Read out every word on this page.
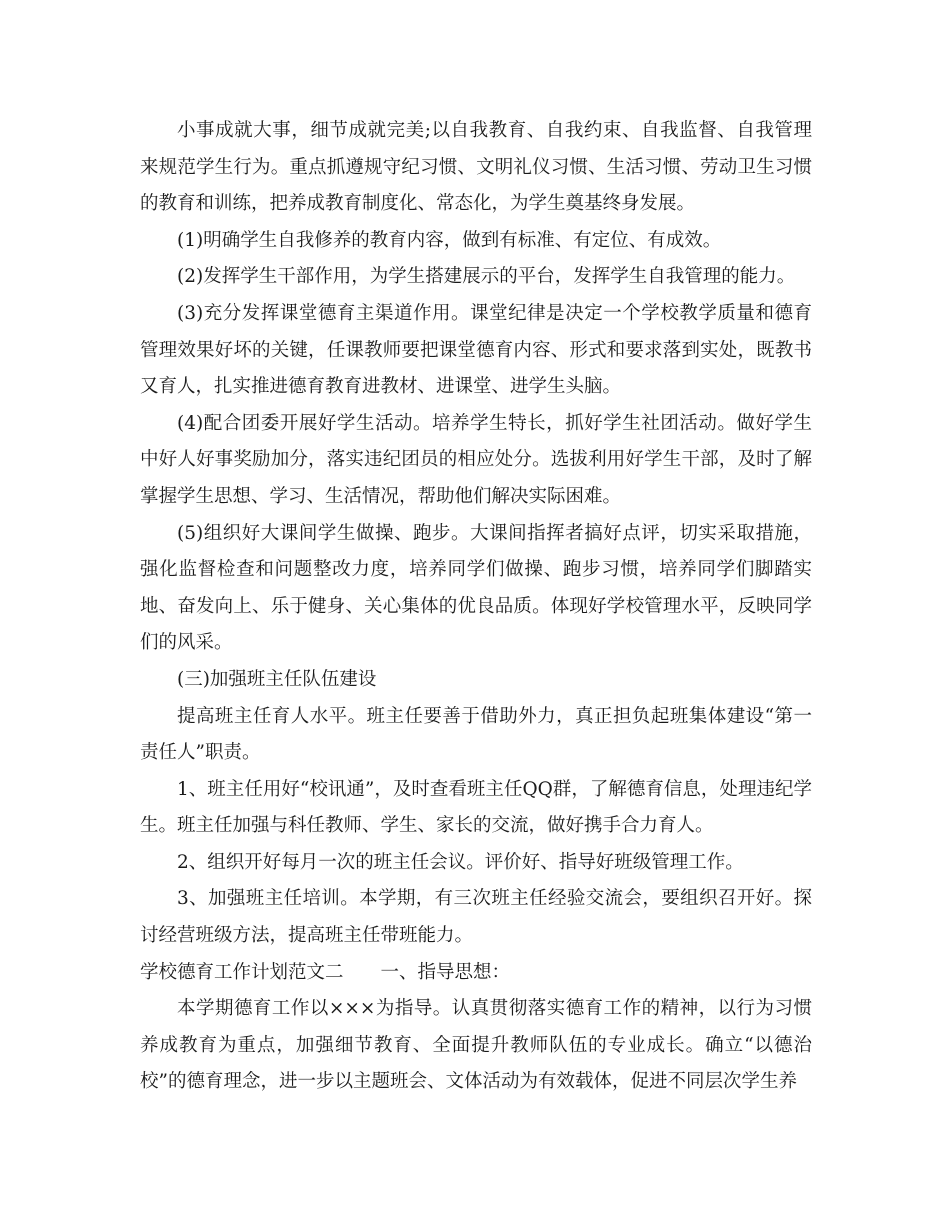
小事成就大事，细节成就完美;以自我教育、自我约束、自我监督、自我管理来规范学生行为。重点抓遵规守纪习惯、文明礼仪习惯、生活习惯、劳动卫生习惯的教育和训练，把养成教育制度化、常态化，为学生奠基终身发展。

(1)明确学生自我修养的教育内容，做到有标准、有定位、有成效。

(2)发挥学生干部作用，为学生搭建展示的平台，发挥学生自我管理的能力。

(3)充分发挥课堂德育主渠道作用。课堂纪律是决定一个学校教学质量和德育管理效果好坏的关键，任课教师要把课堂德育内容、形式和要求落到实处，既教书又育人，扎实推进德育教育进教材、进课堂、进学生头脑。

(4)配合团委开展好学生活动。培养学生特长，抓好学生社团活动。做好学生中好人好事奖励加分，落实违纪团员的相应处分。选拔利用好学生干部，及时了解掌握学生思想、学习、生活情况，帮助他们解决实际困难。

(5)组织好大课间学生做操、跑步。大课间指挥者搞好点评，切实采取措施，强化监督检查和问题整改力度，培养同学们做操、跑步习惯，培养同学们脚踏实地、奋发向上、乐于健身、关心集体的优良品质。体现好学校管理水平，反映同学们的风采。

(三)加强班主任队伍建设

提高班主任育人水平。班主任要善于借助外力，真正担负起班集体建设“第一责任人”职责。

1、班主任用好“校讯通”，及时查看班主任QQ群，了解德育信息，处理违纪学生。班主任加强与科任教师、学生、家长的交流，做好携手合力育人。

2、组织开好每月一次的班主任会议。评价好、指导好班级管理工作。

3、加强班主任培训。本学期，有三次班主任经验交流会，要组织召开好。探讨经营班级方法，提高班主任带班能力。

学校德育工作计划范文二　　一、指导思想：

本学期德育工作以×××为指导。认真贯彻落实德育工作的精神，以行为习惯养成教育为重点，加强细节教育、全面提升教师队伍的专业成长。确立“以德治校”的德育理念，进一步以主题班会、文体活动为有效载体，促进不同层次学生养
